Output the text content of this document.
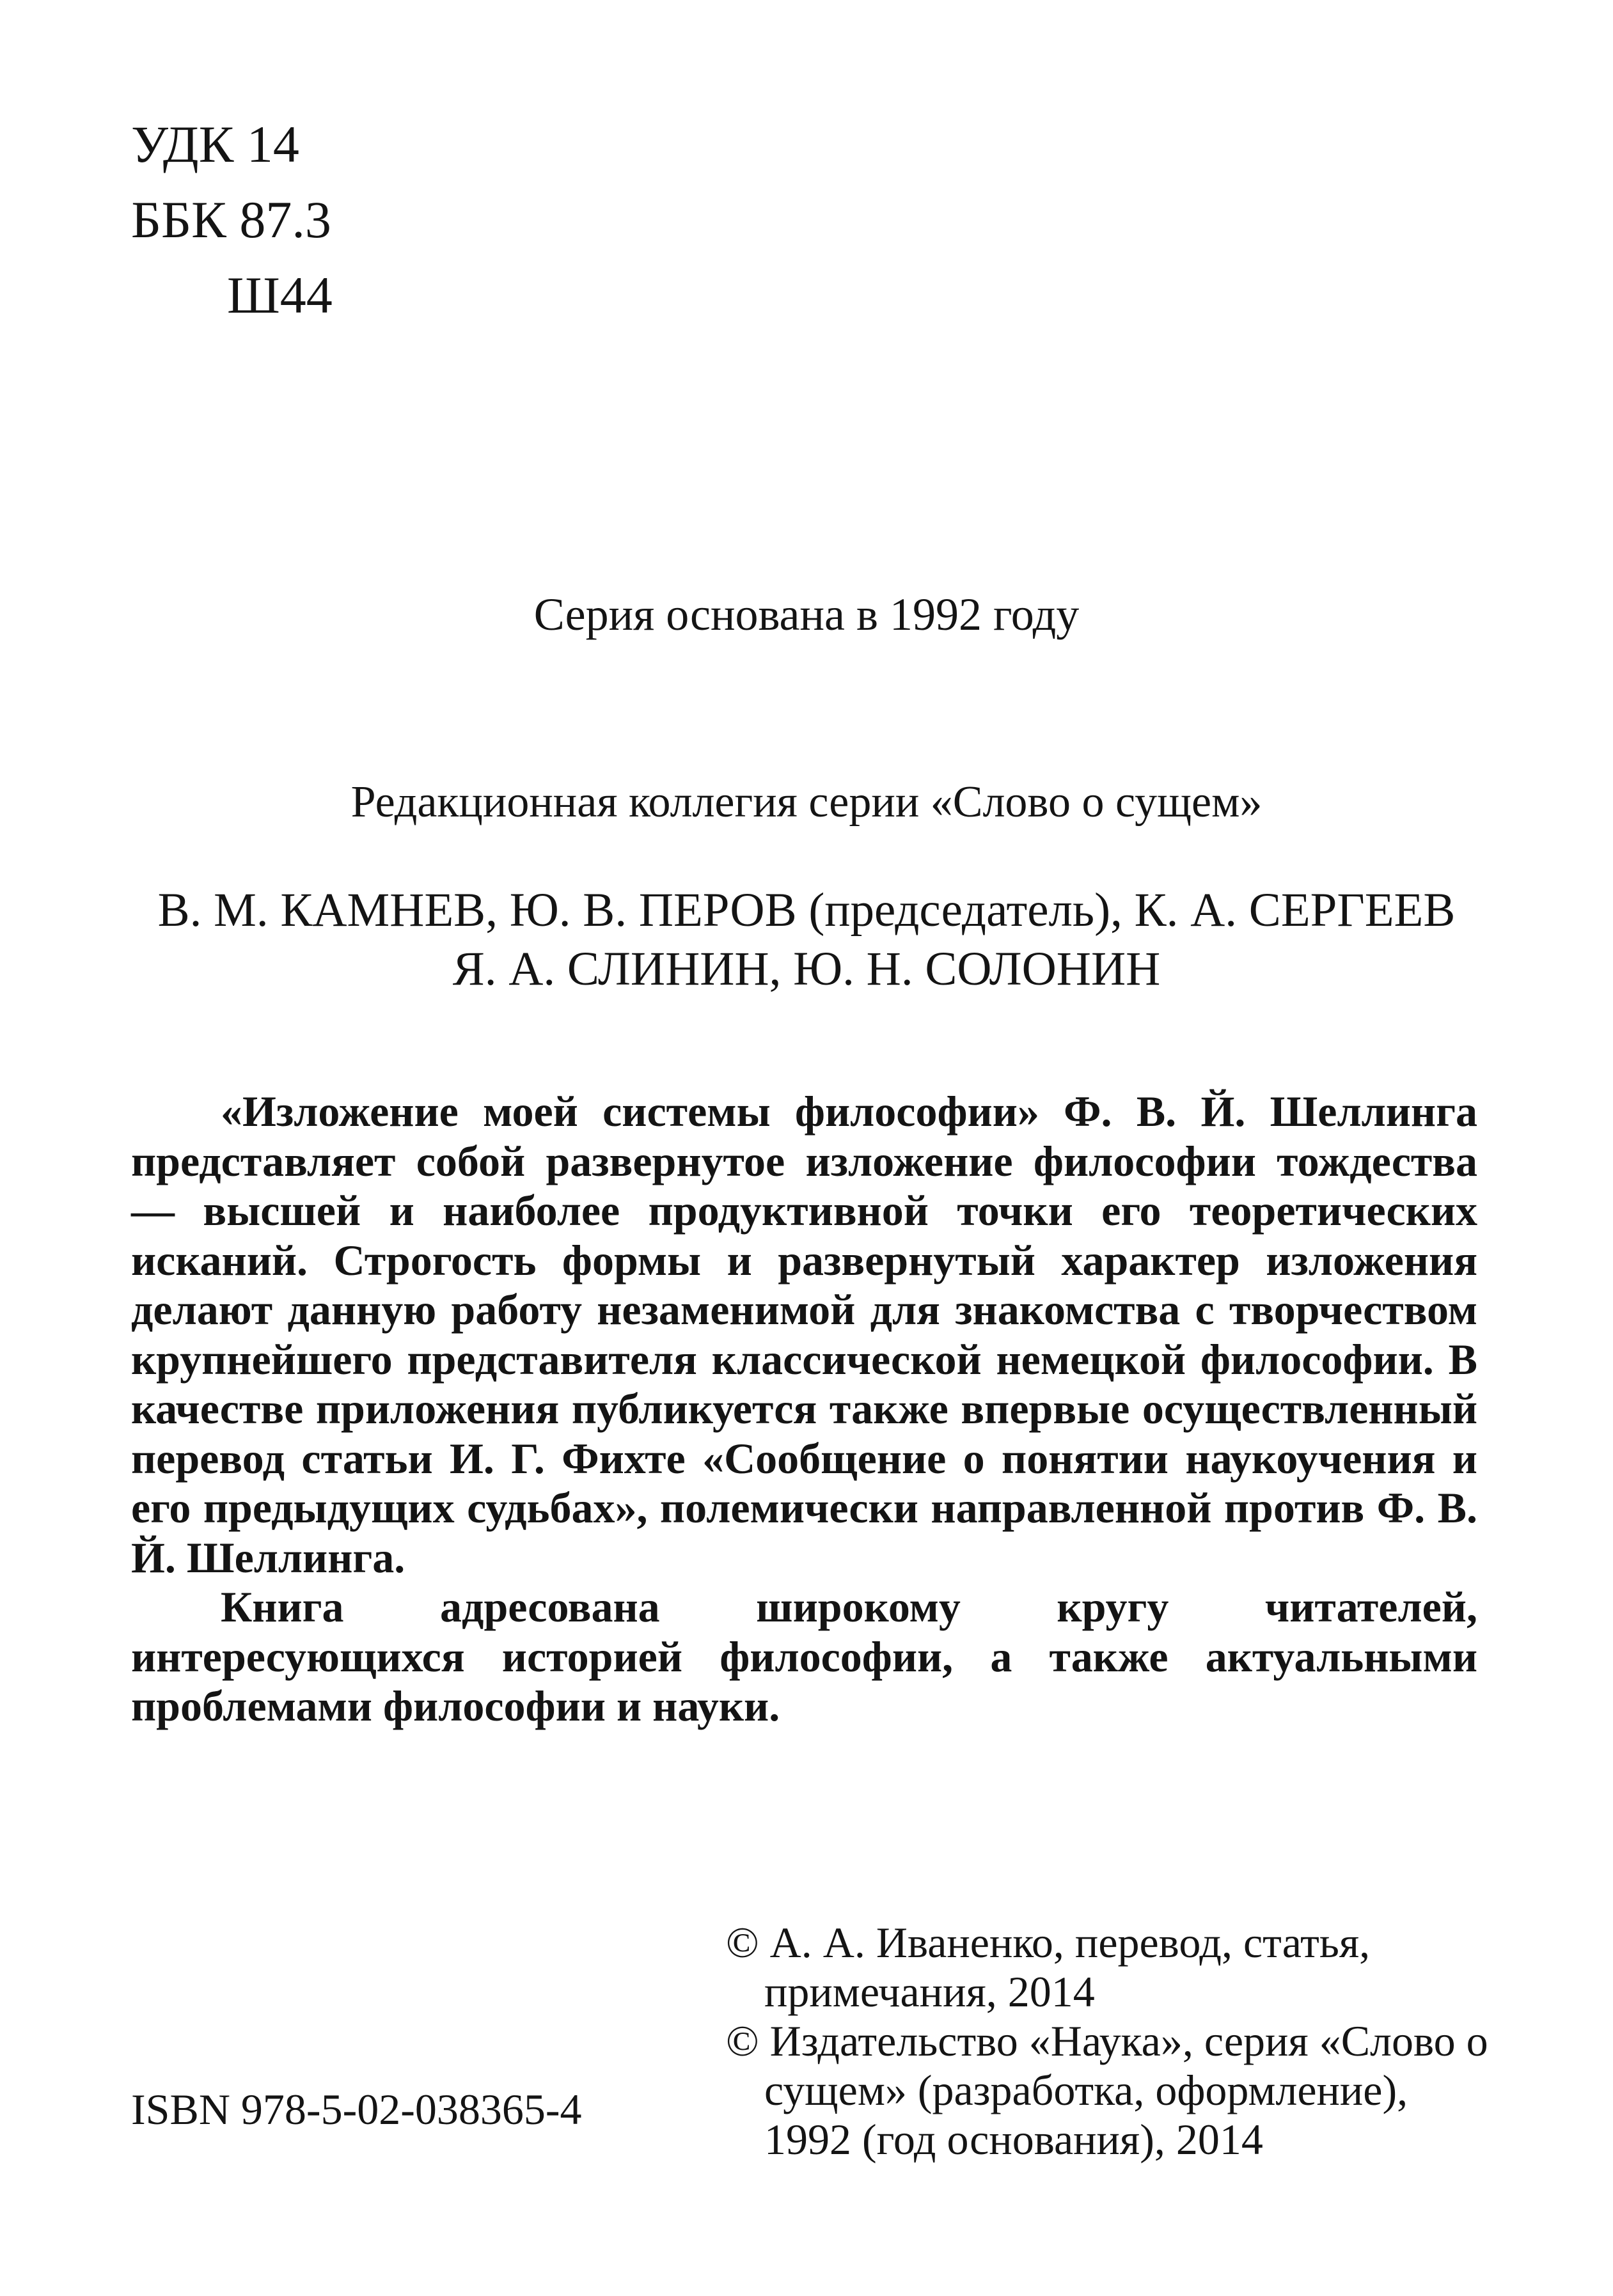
УДК 14
ББК 87.3
Ш44
Серия основана в 1992 году
Редакционная коллегия серии «Слово о сущем»
В. М. КАМНЕВ, Ю. В. ПЕРОВ (председатель), К. А. СЕРГЕЕВ
Я. А. СЛИНИН, Ю. Н. СОЛОНИН

«Изложение моей системы философии» Ф. В. Й. Шеллинга представляет собой развернутое изложение философии тождества — высшей и наиболее продуктивной точки его теоретических исканий. Строгость формы и развернутый характер изложения делают данную работу незаменимой для знакомства с творчеством крупнейшего представителя классической немецкой философии. В качестве приложения публикуется также впервые осуществленный перевод статьи И. Г. Фихте «Сообщение о понятии наукоучения и его предыдущих судьбах», полемически направленной против Ф. В. Й. Шеллинга.

Книга адресована широкому кругу читателей, интересующихся историей философии, а также актуальными проблемами философии и науки.

© А. А. Иваненко, перевод, статья, примечания, 2014
© Издательство «Наука», серия «Слово о сущем» (разработка, оформление), 1992 (год основания), 2014
ISBN 978-5-02-038365-4
